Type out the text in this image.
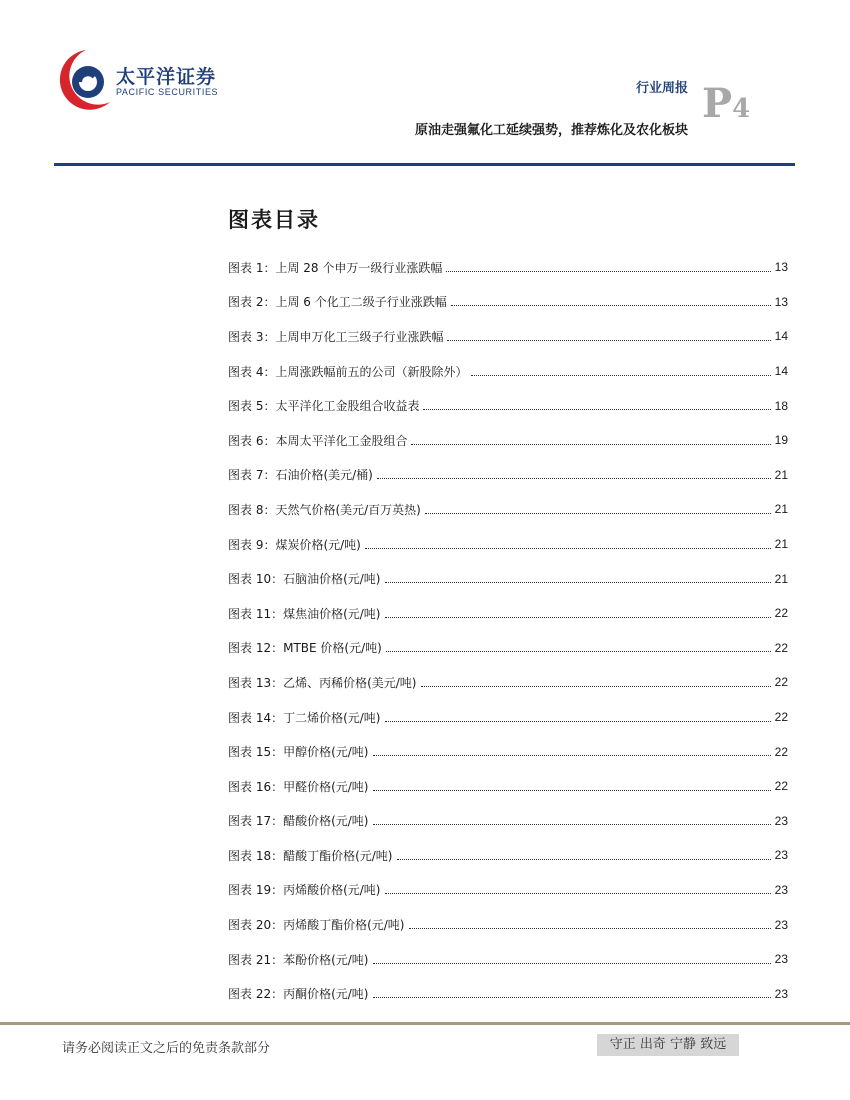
太平洋证券
PACIFIC SECURITIES	行业周报
原油走强氟化工延续强势，推荐炼化及农化板块
P4
图表目录
图表 1：上周 28 个申万一级行业涨跌幅	13
图表 2：上周 6 个化工二级子行业涨跌幅	13
图表 3：上周申万化工三级子行业涨跌幅	14
图表 4：上周涨跌幅前五的公司（新股除外）	14
图表 5：太平洋化工金股组合收益表	18
图表 6：本周太平洋化工金股组合	19
图表 7：石油价格(美元/桶)	21
图表 8：天然气价格(美元/百万英热)	21
图表 9：煤炭价格(元/吨)	21
图表 10：石脑油价格(元/吨)	21
图表 11：煤焦油价格(元/吨)	22
图表 12：MTBE 价格(元/吨)	22
图表 13：乙烯、丙稀价格(美元/吨)	22
图表 14：丁二烯价格(元/吨)	22
图表 15：甲醇价格(元/吨)	22
图表 16：甲醛价格(元/吨)	22
图表 17：醋酸价格(元/吨)	23
图表 18：醋酸丁酯价格(元/吨)	23
图表 19：丙烯酸价格(元/吨)	23
图表 20：丙烯酸丁酯价格(元/吨)	23
图表 21：苯酚价格(元/吨)	23
图表 22：丙酮价格(元/吨)	23
请务必阅读正文之后的免责条款部分	守正 出奇 宁静 致远
